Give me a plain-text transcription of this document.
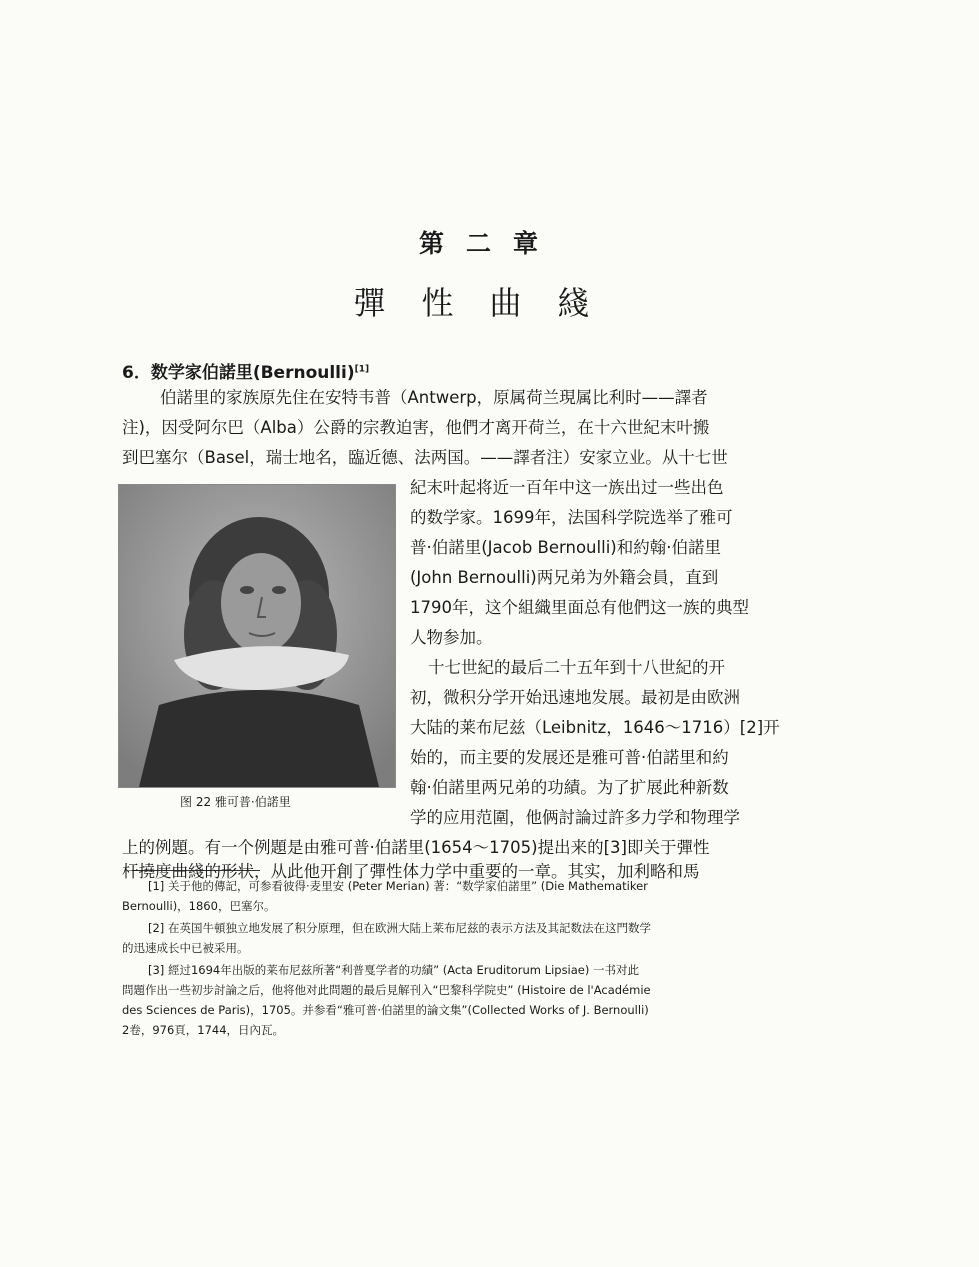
第二章
彈性曲綫
6．数学家伯諾里(Bernoulli)[1]
伯諾里的家族原先住在安特韦普（Antwerp，原属荷兰現属比利时——譯者
注)，因受阿尔巴（Alba）公爵的宗教迫害，他們才离开荷兰，在十六世紀末叶搬
到巴塞尔（Basel，瑞士地名，臨近德、法两国。——譯者注）安家立业。从十七世
紀末叶起将近一百年中这一族出过一些出色
的数学家。1699年，法国科学院选举了雅可
普·伯諾里(Jacob Bernoulli)和約翰·伯諾里
(John Bernoulli)两兄弟为外籍会員，直到
1790年，这个組織里面总有他們这一族的典型
人物参加。
十七世紀的最后二十五年到十八世紀的开
初，微积分学开始迅速地发展。最初是由欧洲
大陆的莱布尼兹（Leibnitz，1646～1716）[2]开
始的，而主要的发展还是雅可普·伯諾里和約
翰·伯諾里两兄弟的功績。为了扩展此种新数
学的应用范圍，他俩討論过許多力学和物理学
图 22 雅可普·伯諾里
上的例題。有一个例題是由雅可普·伯諾里(1654～1705)提出来的[3]即关于彈性
[1] 关于他的傳記，可参看彼得·麦里安 (Peter Merian) 著：“数学家伯諾里” (Die Mathematiker
Bernoulli)，1860，巴塞尔。
[2] 在英国牛頓独立地发展了积分原理，但在欧洲大陆上莱布尼兹的表示方法及其記数法在这門数学
的迅速成长中已被采用。
[3] 經过1694年出版的莱布尼兹所著“利普戛学者的功績” (Acta Eruditorum Lipsiae) 一书对此
問題作出一些初步討論之后，他将他对此問題的最后見解刊入“巴黎科学院史” (Histoire de l'Académie
des Sciences de Paris)，1705。并参看“雅可普·伯諾里的論文集”(Collected Works of J. Bernoulli)
2卷，976頁，1744，日內瓦。
杆撓度曲綫的形状，从此他开創了彈性体力学中重要的一章。其实，加利略和馬
